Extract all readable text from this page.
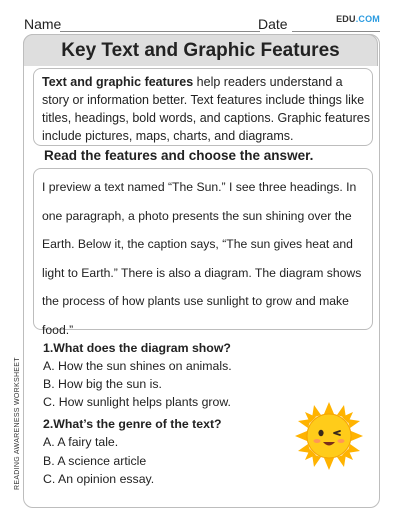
Name	Date	EDU.COM
Key Text and Graphic Features
Text and graphic features help readers understand a story or information better. Text features include things like titles, headings, bold words, and captions. Graphic features include pictures, maps, charts, and diagrams.
Read the features and choose the answer.
I preview a text named “The Sun.” I see three headings. In
one paragraph, a photo presents the sun shining over the
Earth. Below it, the caption says, “The sun gives heat and
light to Earth.” There is also a diagram. The diagram shows
the process of how plants use sunlight to grow and make
food.”
1.What does the diagram show?
A. How the sun shines on animals.
B. How big the sun is.
C. How sunlight helps plants grow.
2.What’s the genre of the text?
A. A fairy tale.
B. A science article
C. An opinion essay.
READING AWARENESS WORKSHEET
